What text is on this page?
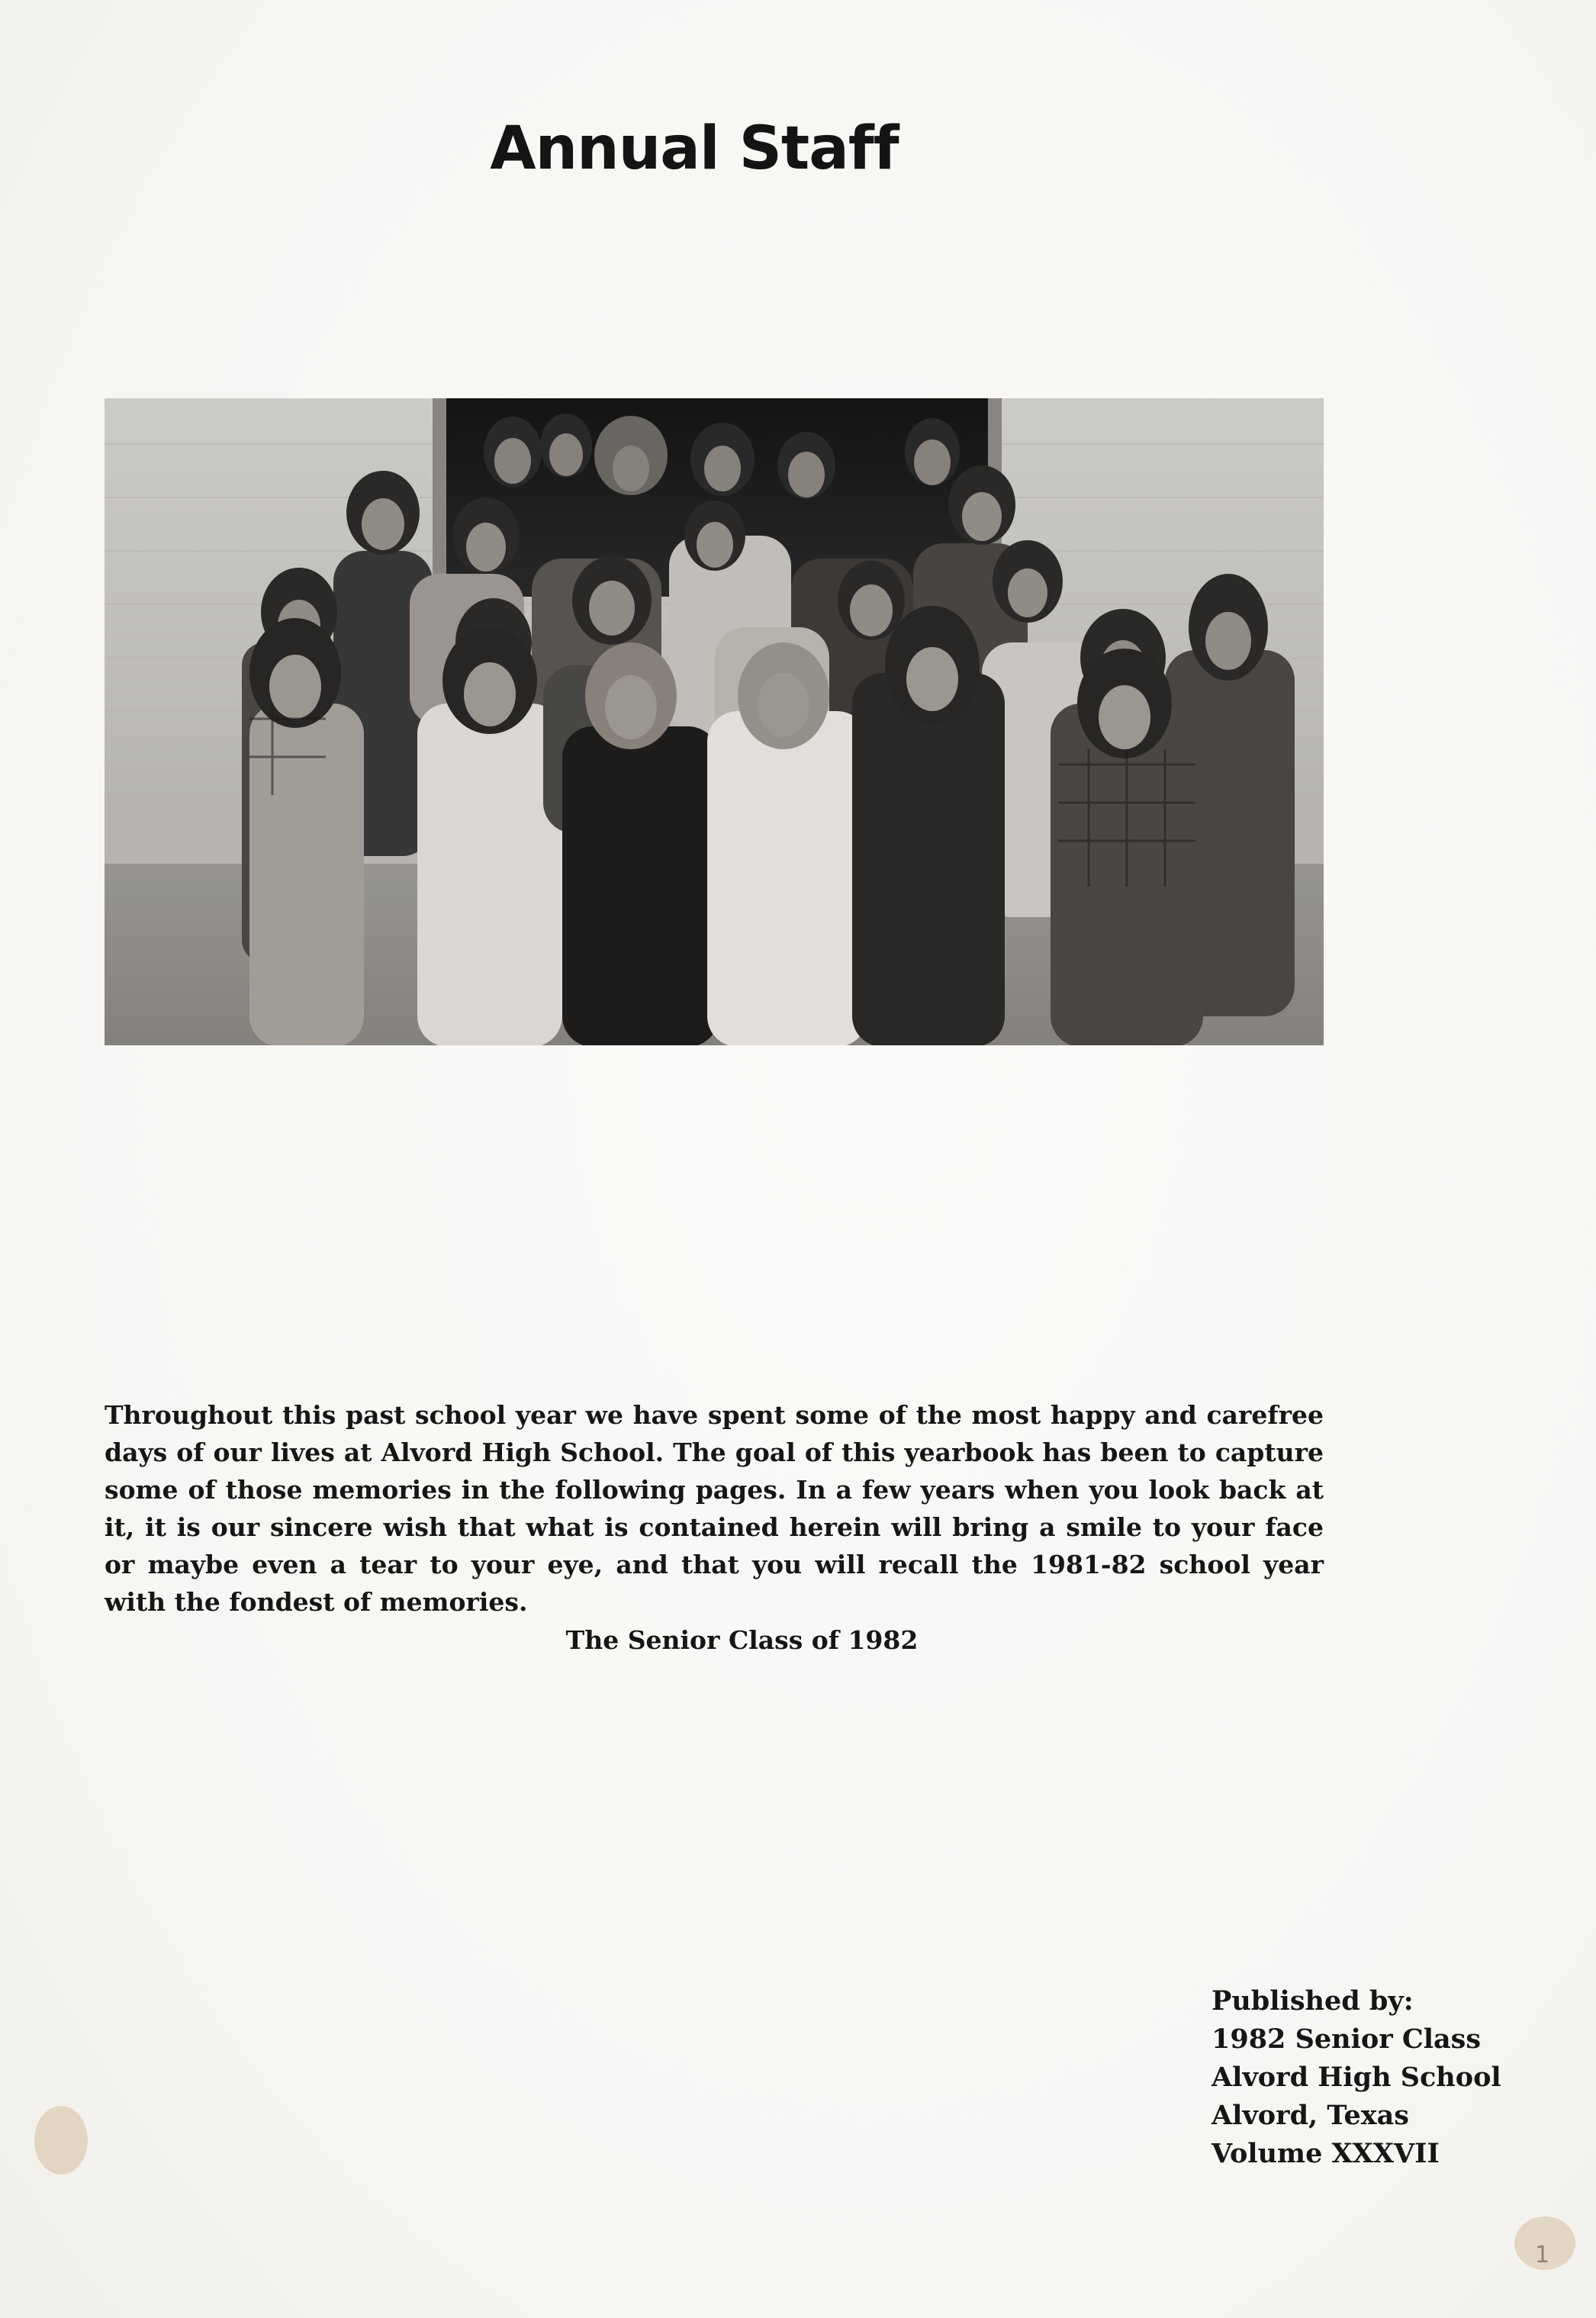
Annual Staff
Throughout this past school year we have spent some of the most happy and carefree days of our lives at Alvord High School. The goal of this yearbook has been to capture some of those memories in the following pages. In a few years when you look back at it, it is our sincere wish that what is contained herein will bring a smile to your face or maybe even a tear to your eye, and that you will recall the 1981-82 school year with the fondest of memories.
The Senior Class of 1982
Published by:
1982 Senior Class
Alvord High School
Alvord, Texas
Volume XXXVII
